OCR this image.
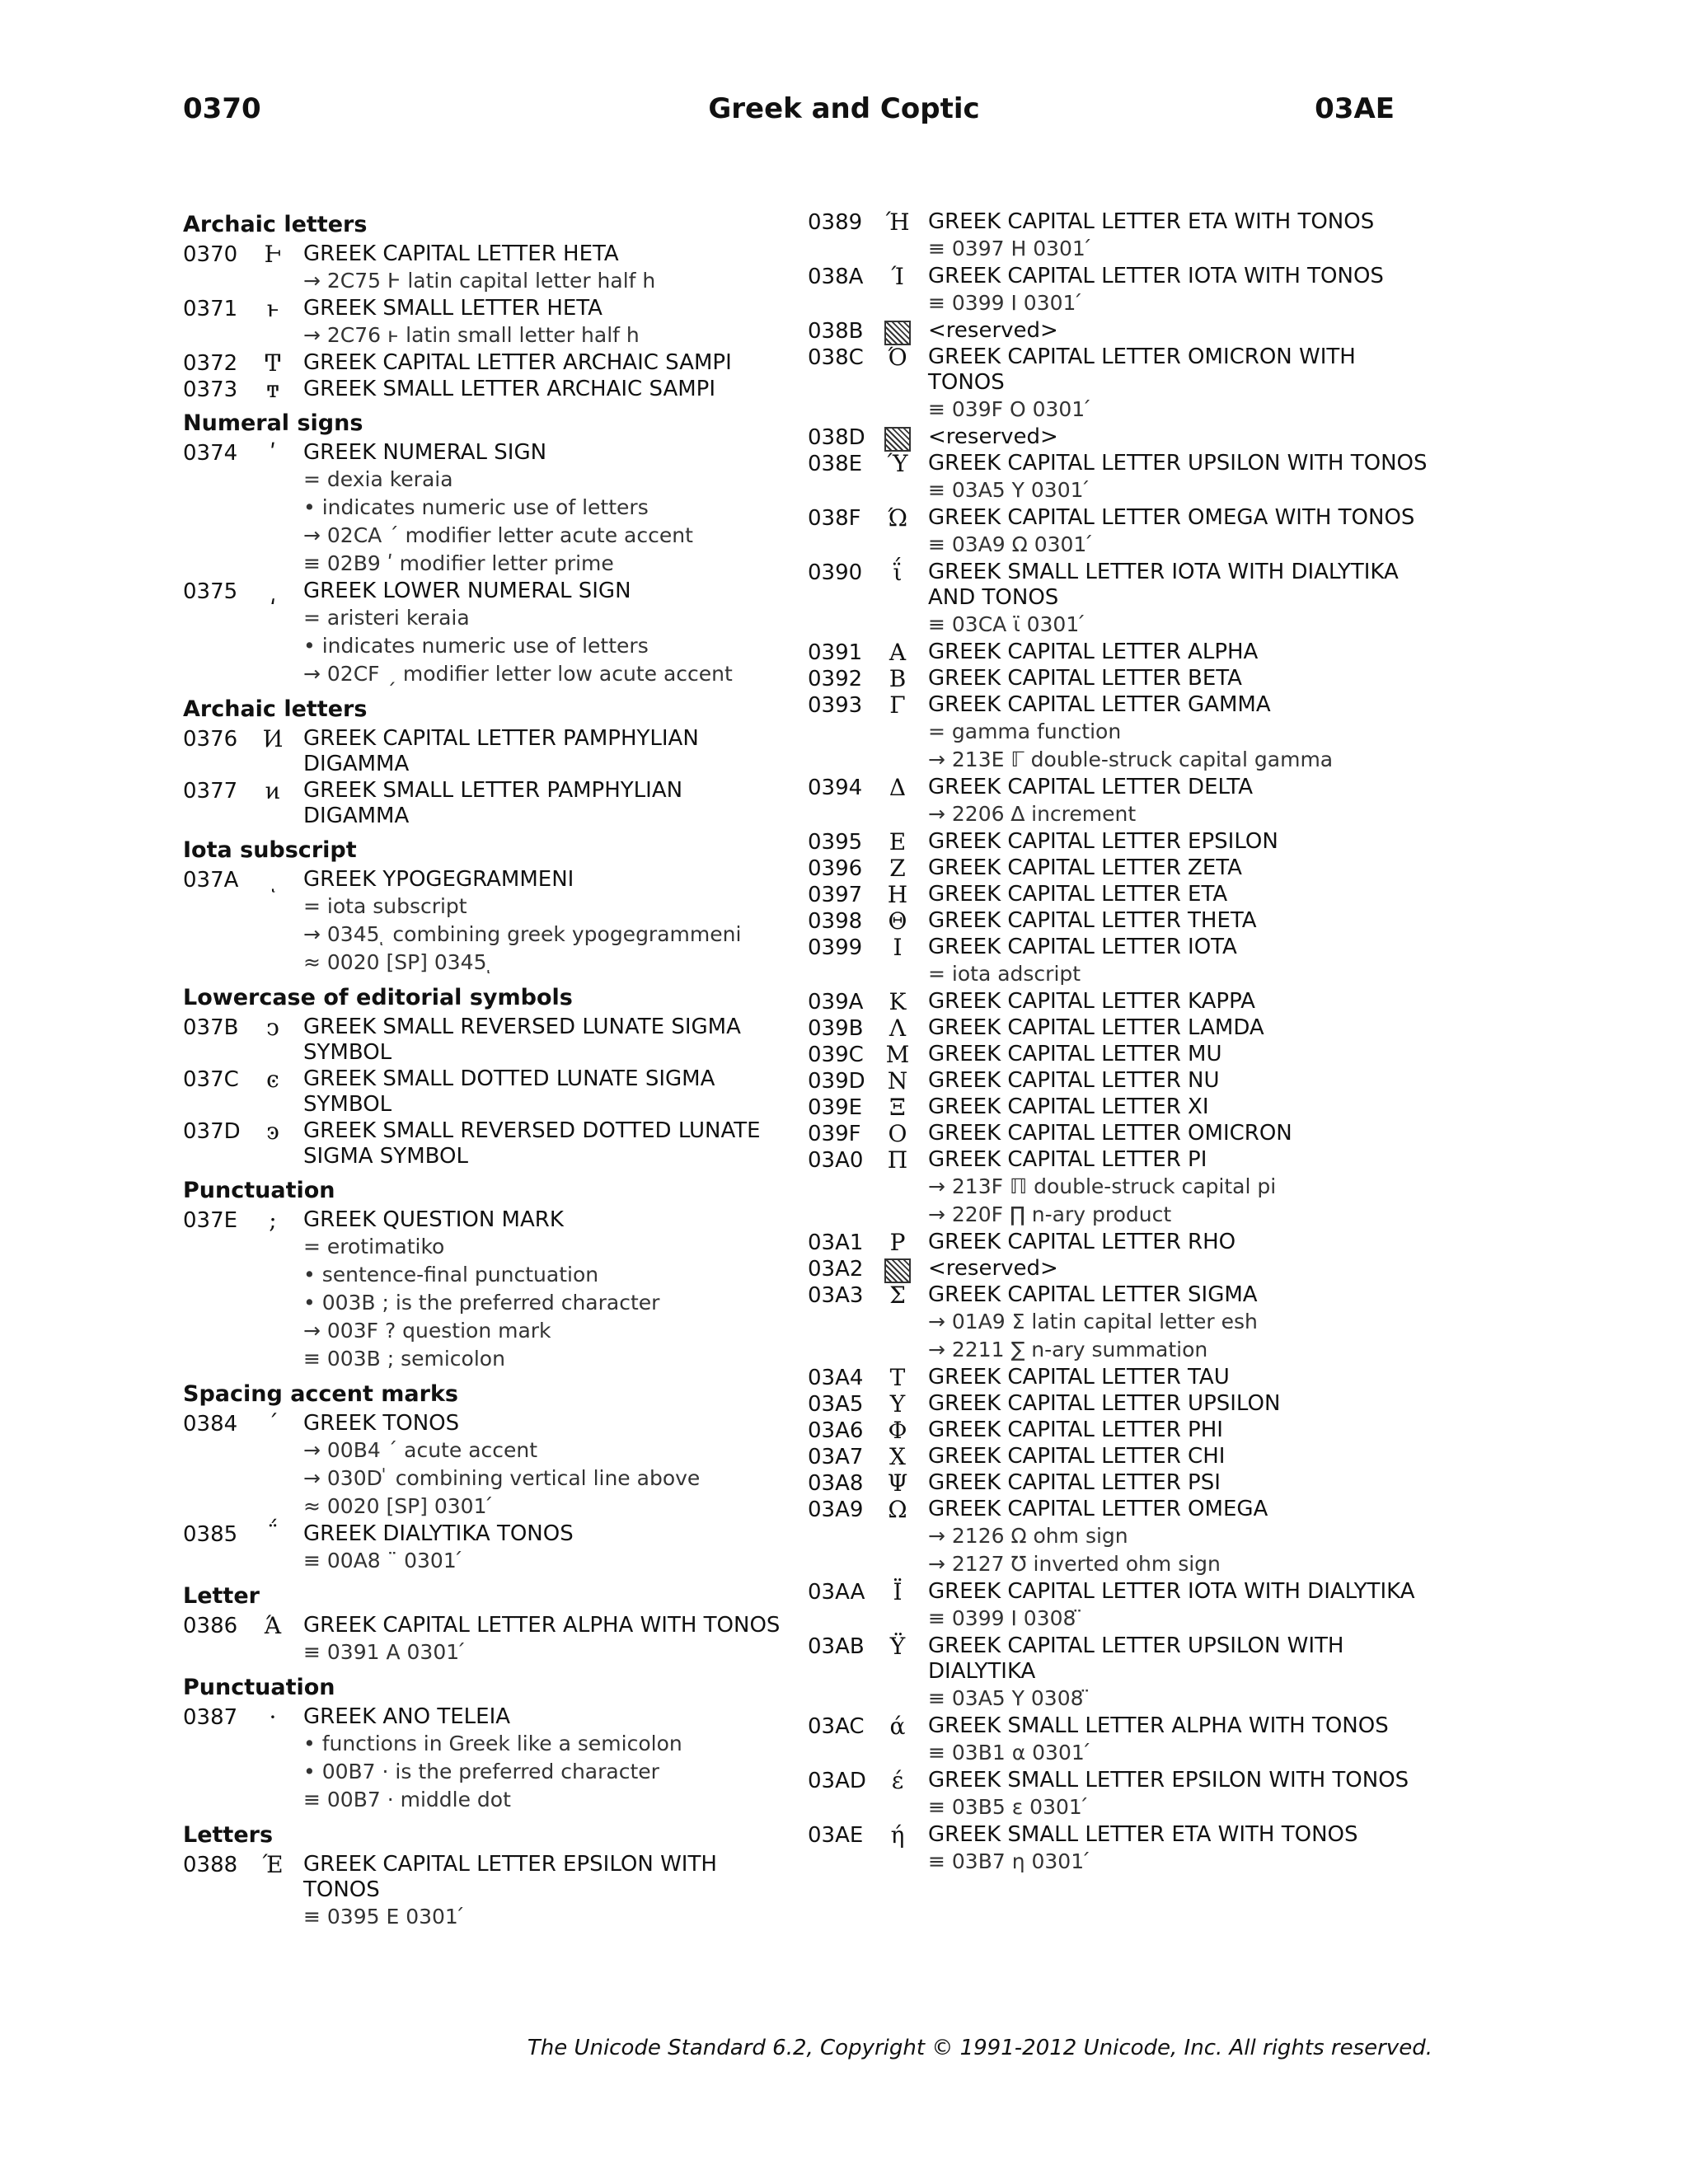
0370	Greek and Coptic	03AE
Archaic letters
0370	Ͱ	GREEK CAPITAL LETTER HETA
→ 2C75 Ⱶ latin capital letter half h
0371	ͱ	GREEK SMALL LETTER HETA
→ 2C76 ⱶ latin small letter half h
0372	Ͳ	GREEK CAPITAL LETTER ARCHAIC SAMPI
0373	ͳ	GREEK SMALL LETTER ARCHAIC SAMPI
Numeral signs
0374	ʹ	GREEK NUMERAL SIGN
= dexia keraia
• indicates numeric use of letters
→ 02CA ˊ modifier letter acute accent
≡ 02B9 ʹ modifier letter prime
0375	͵	GREEK LOWER NUMERAL SIGN
= aristeri keraia
• indicates numeric use of letters
→ 02CF ˏ modifier letter low acute accent
Archaic letters
0376	Ͷ GREEK CAPITAL LETTER PAMPHYLIAN DIGAMMA
0377	ͷ	GREEK SMALL LETTER PAMPHYLIAN DIGAMMA
Iota subscript
037A	ͺ	GREEK YPOGEGRAMMENI
= iota subscript
→ 0345 ͅ combining greek ypogegrammeni
≈ 0020 [SP] 0345 ͅ
Lowercase of editorial symbols
037B	ͻ	GREEK SMALL REVERSED LUNATE SIGMA SYMBOL
037C	ͼ	GREEK SMALL DOTTED LUNATE SIGMA SYMBOL
037D	ͽ	GREEK SMALL REVERSED DOTTED LUNATE SIGMA SYMBOL
Punctuation
037E	;	GREEK QUESTION MARK
= erotimatiko
• sentence-final punctuation
• 003B ; is the preferred character
→ 003F ? question mark
≡ 003B ; semicolon
Spacing accent marks
0384	΄	GREEK TONOS
→ 00B4 ´ acute accent
→ 030D ̍ combining vertical line above
≈ 0020 [SP] 0301 ́
0385	΅	GREEK DIALYTIKA TONOS
≡ 00A8 ¨ 0301 ́
Letter
0386	Ά	GREEK CAPITAL LETTER ALPHA WITH TONOS
≡ 0391 Α 0301 ́
Punctuation
0387	·	GREEK ANO TELEIA
• functions in Greek like a semicolon
• 00B7 · is the preferred character
≡ 00B7 · middle dot
Letters
0388 Έ GREEK CAPITAL LETTER EPSILON WITH TONOS
≡ 0395 Ε 0301 ́
0389 Ή GREEK CAPITAL LETTER ETA WITH TONOS
≡ 0397 Η 0301 ́
038A	Ί	GREEK CAPITAL LETTER IOTA WITH TONOS
≡ 0399 Ι 0301 ́
038B	<reserved>
038C	Ό GREEK CAPITAL LETTER OMICRON WITH TONOS
≡ 039F Ο 0301 ́
038D	<reserved>
038E	Ύ GREEK CAPITAL LETTER UPSILON WITH TONOS
≡ 03A5 Υ 0301 ́
038F	Ώ GREEK CAPITAL LETTER OMEGA WITH TONOS
≡ 03A9 Ω 0301 ́
0390	ΐ	GREEK SMALL LETTER IOTA WITH DIALYTIKA AND TONOS
≡ 03CA ϊ 0301 ́
0391	Α	GREEK CAPITAL LETTER ALPHA
0392	Β	GREEK CAPITAL LETTER BETA
0393	Γ	GREEK CAPITAL LETTER GAMMA
= gamma function
→ 213E ℾ double-struck capital gamma
0394	Δ	GREEK CAPITAL LETTER DELTA
→ 2206 ∆ increment
0395	Ε	GREEK CAPITAL LETTER EPSILON
0396	Ζ	GREEK CAPITAL LETTER ZETA
0397	Η GREEK CAPITAL LETTER ETA
0398	Θ GREEK CAPITAL LETTER THETA
0399	Ι	GREEK CAPITAL LETTER IOTA
= iota adscript
039A	Κ	GREEK CAPITAL LETTER KAPPA
039B	Λ	GREEK CAPITAL LETTER LAMDA
039C Μ GREEK CAPITAL LETTER MU
039D Ν GREEK CAPITAL LETTER NU
039E	Ξ	GREEK CAPITAL LETTER XI
039F	Ο GREEK CAPITAL LETTER OMICRON
03A0	Π GREEK CAPITAL LETTER PI
→ 213F ℿ double-struck capital pi
→ 220F ∏ n-ary product
03A1	Ρ	GREEK CAPITAL LETTER RHO
03A2	<reserved>
03A3	Σ	GREEK CAPITAL LETTER SIGMA
→ 01A9 Ʃ latin capital letter esh
→ 2211 ∑ n-ary summation
03A4	Τ	GREEK CAPITAL LETTER TAU
03A5	Υ	GREEK CAPITAL LETTER UPSILON
03A6	Φ GREEK CAPITAL LETTER PHI
03A7	Χ	GREEK CAPITAL LETTER CHI
03A8	Ψ GREEK CAPITAL LETTER PSI
03A9	Ω GREEK CAPITAL LETTER OMEGA
→ 2126 Ω ohm sign
→ 2127 ℧ inverted ohm sign
03AA	Ϊ	GREEK CAPITAL LETTER IOTA WITH DIALYTIKA
≡ 0399 Ι 0308 ̈
03AB	Ϋ	GREEK CAPITAL LETTER UPSILON WITH DIALYTIKA
≡ 03A5 Υ 0308 ̈
03AC	ά	GREEK SMALL LETTER ALPHA WITH TONOS
≡ 03B1 α 0301 ́
03AD	έ	GREEK SMALL LETTER EPSILON WITH TONOS
≡ 03B5 ε 0301 ́
03AE	ή	GREEK SMALL LETTER ETA WITH TONOS
≡ 03B7 η 0301 ́
The Unicode Standard 6.2, Copyright © 1991-2012 Unicode, Inc. All rights reserved.
